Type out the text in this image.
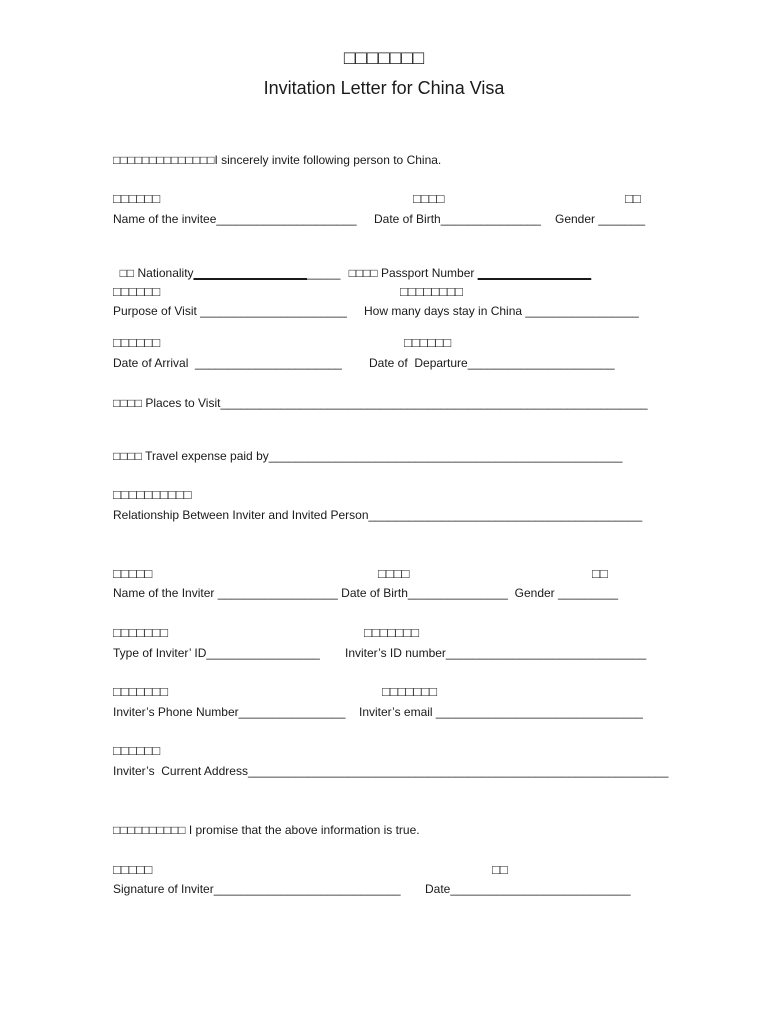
□□□□□□□
Invitation Letter for China Visa
□□□□□□□□□□□□□□I sincerely invite following person to China.
□□□□□□	□□□□	□□
Name of the invitee_____________________ Date of Birth_______________ Gender _______

□□ Nationality______________________ □□□□ Passport Number _________________

□□□□□□	□□□□□□□□
Purpose of Visit ______________________ How many days stay in China _________________
□□□□□□	□□□□□□
Date of Arrival  ______________________ Date of  Departure______________________
□□□□ Places to Visit________________________________________________________________
□□□□ Travel expense paid by_____________________________________________________
□□□□□□□□□□
Relationship Between Inviter and Invited Person_________________________________________
□□□□□	□□□□	□□
Name of the Inviter __________________ Date of Birth_______________  Gender _________
□□□□□□□	□□□□□□□
Type of Inviter’ ID_________________ Inviter’s ID number______________________________
□□□□□□□	□□□□□□□
Inviter’s Phone Number________________ Inviter’s email _______________________________
□□□□□□
Inviter’s  Current Address_______________________________________________________________
□□□□□□□□□□ I promise that the above information is true.
□□□□□	□□
Signature of Inviter____________________________ Date___________________________
